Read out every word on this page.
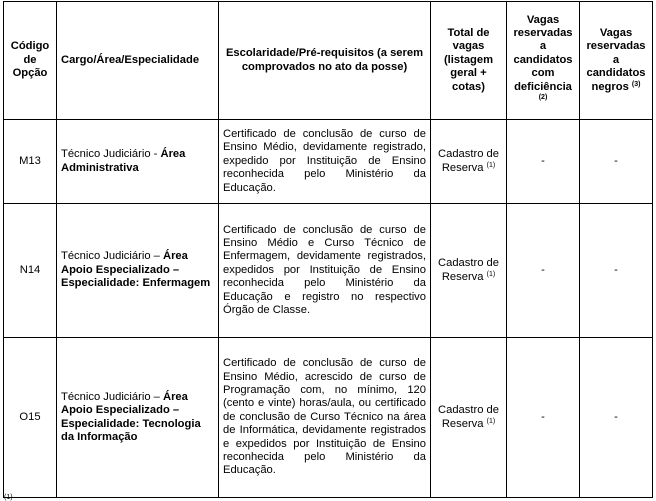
Código de Opção	Cargo/Área/Especialidade	Escolaridade/Pré-requisitos (a serem comprovados no ato da posse)	Total de vagas (listagem geral + cotas)	Vagas reservadas a candidatos com deficiência $^{(2)}$	Vagas reservadas a candidatos negros $^{(3)}$
M13	Técnico Judiciário - Área Administrativa	Certificado de conclusão de curso de Ensino Médio, devidamente registrado, expedido por Instituição de Ensino reconhecida pelo Ministério da Educação.	Cadastro de Reserva $^{(1)}$	-	-
N14	Técnico Judiciário – Área Apoio Especializado – Especialidade: Enfermagem	Certificado de conclusão de curso de Ensino Médio e Curso Técnico de Enfermagem, devidamente registrados, expedidos por Instituição de Ensino reconhecida pelo Ministério da Educação e registro no respectivo Órgão de Classe.	Cadastro de Reserva $^{(1)}$	-	-
O15	Técnico Judiciário – Área Apoio Especializado – Especialidade: Tecnologia da Informação	Certificado de conclusão de curso de Ensino Médio, acrescido de curso de Programação com, no mínimo, 120 (cento e vinte) horas/aula, ou certificado de conclusão de Curso Técnico na área de Informática, devidamente registrados e expedidos por Instituição de Ensino reconhecida pelo Ministério da Educação.	Cadastro de Reserva $^{(1)}$	-	-
(1)
